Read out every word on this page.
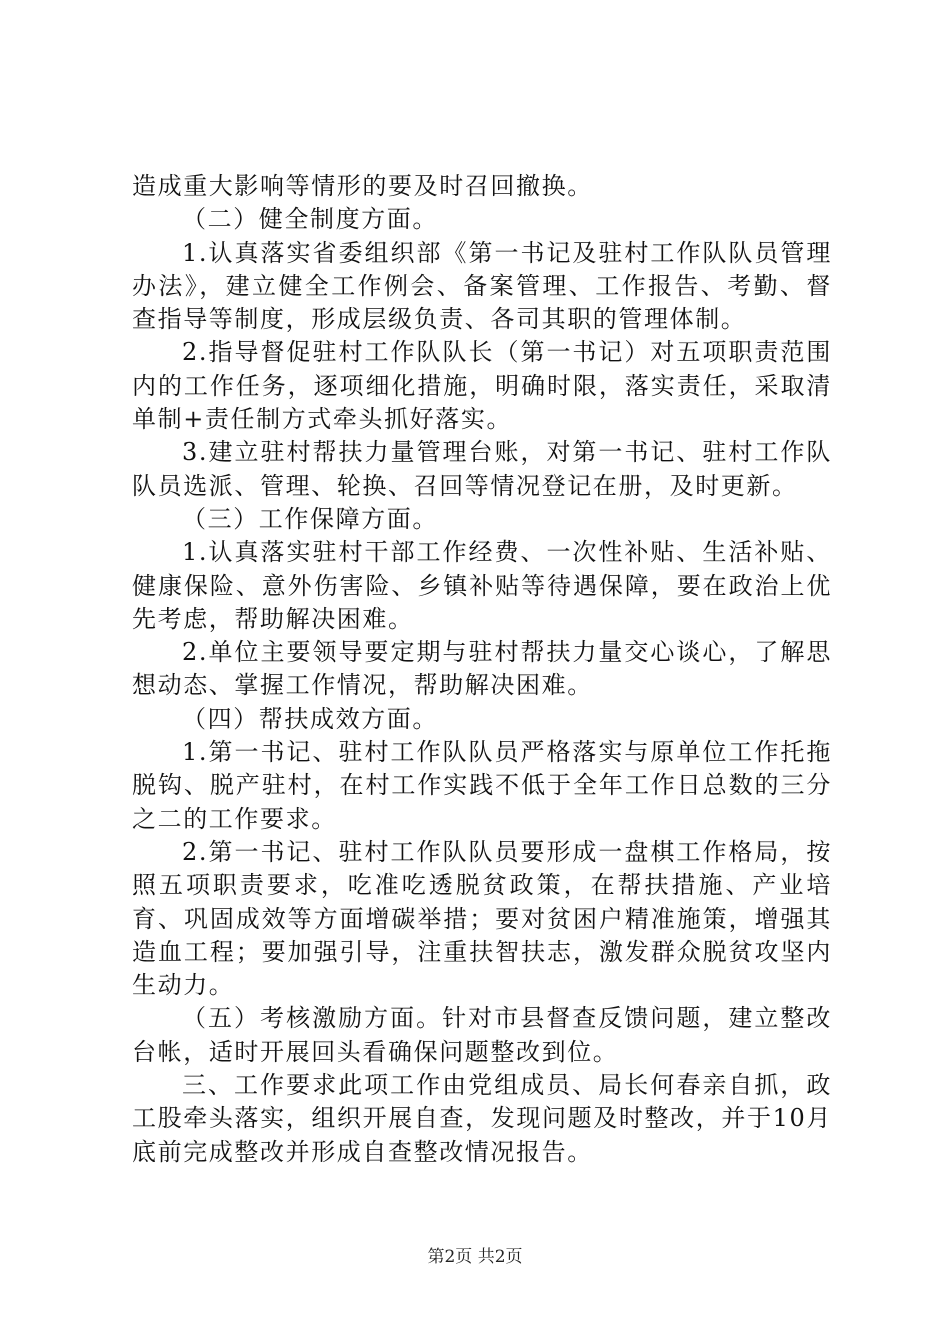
造成重大影响等情形的要及时召回撤换。

（二）健全制度方面。

1.认真落实省委组织部《第一书记及驻村工作队队员管理办法》，建立健全工作例会、备案管理、工作报告、考勤、督查指导等制度，形成层级负责、各司其职的管理体制。

2.指导督促驻村工作队队长（第一书记）对五项职责范围内的工作任务，逐项细化措施，明确时限，落实责任，采取清单制+责任制方式牵头抓好落实。

3.建立驻村帮扶力量管理台账，对第一书记、驻村工作队队员选派、管理、轮换、召回等情况登记在册，及时更新。

（三）工作保障方面。

1.认真落实驻村干部工作经费、一次性补贴、生活补贴、健康保险、意外伤害险、乡镇补贴等待遇保障，要在政治上优先考虑，帮助解决困难。

2.单位主要领导要定期与驻村帮扶力量交心谈心，了解思想动态、掌握工作情况，帮助解决困难。

（四）帮扶成效方面。

1.第一书记、驻村工作队队员严格落实与原单位工作托拖脱钩、脱产驻村，在村工作实践不低于全年工作日总数的三分之二的工作要求。

2.第一书记、驻村工作队队员要形成一盘棋工作格局，按照五项职责要求，吃准吃透脱贫政策，在帮扶措施、产业培育、巩固成效等方面增碳举措；要对贫困户精准施策，增强其造血工程；要加强引导，注重扶智扶志，激发群众脱贫攻坚内生动力。

（五）考核激励方面。针对市县督查反馈问题，建立整改台帐，适时开展回头看确保问题整改到位。

三、工作要求此项工作由党组成员、局长何春亲自抓，政工股牵头落实，组织开展自查，发现问题及时整改，并于10月底前完成整改并形成自查整改情况报告。

第2页 共2页
